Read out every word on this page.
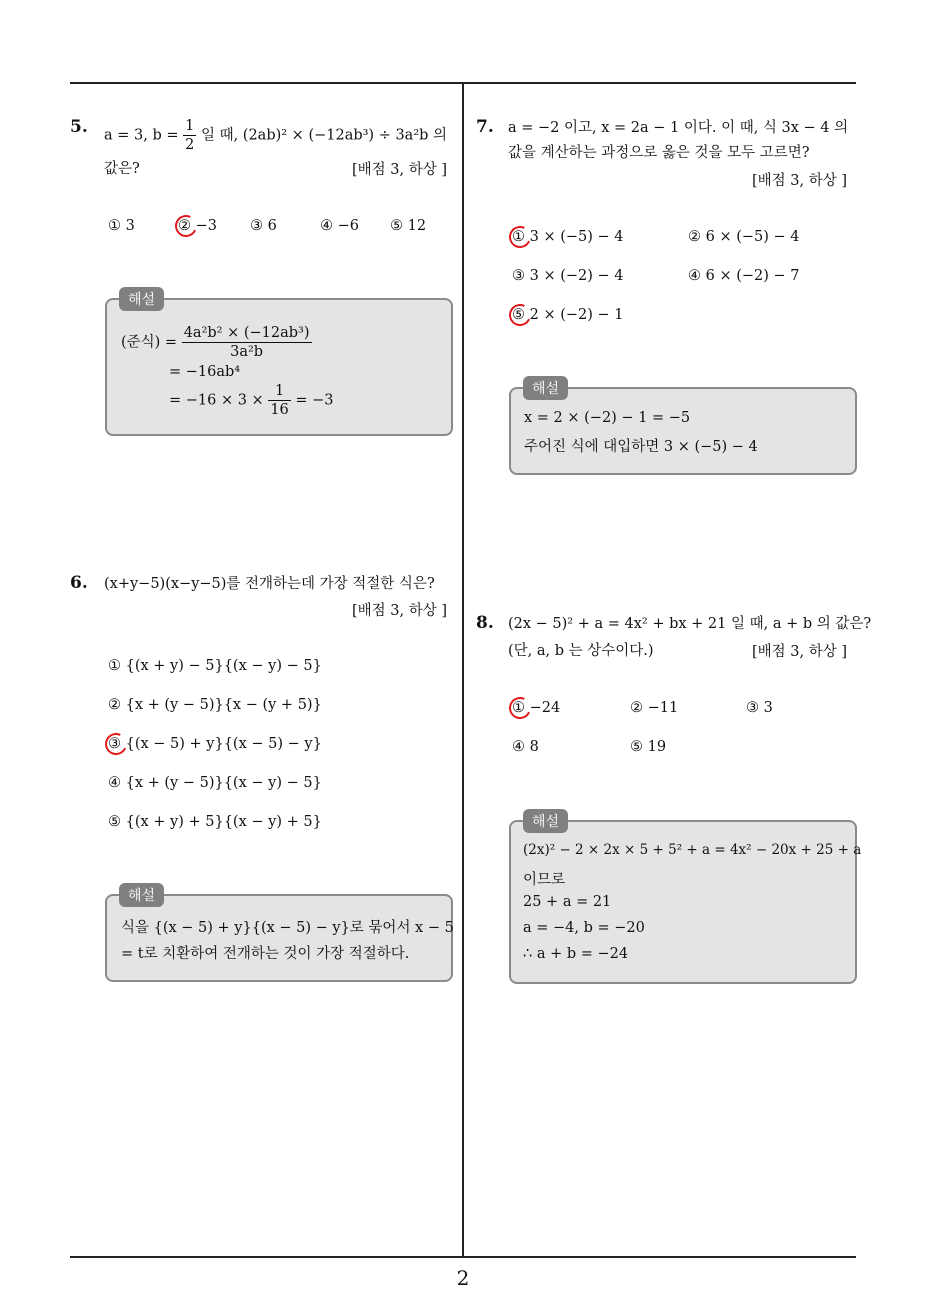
5. a = 3, $b = \frac{1}{2}$ 일 때, (2ab)² × (−12ab³) ÷ 3a²b 의
값은?	[배점 3, 하상 ]
① 3	② −3 ③ 6	④ −6 ⑤ 12
(준식) = $\frac{\text{4a²b² × (−12ab³)}}{\text{3a²b}}$
= −16ab⁴
= $-16 \times 3 \times \frac{1}{16} = -3$
해설
6. (x+y−5)(x−y−5)를 전개하는데 가장 적절한 식은?
[배점 3, 하상 ]
① {(x + y) − 5}{(x − y) − 5}
② {x + (y − 5)}{x − (y + 5)}
③ {(x − 5) + y}{(x − 5) − y}
④ {x + (y − 5)}{(x − y) − 5}
⑤ {(x + y) + 5}{(x − y) + 5}
식을 {(x − 5) + y}{(x − 5) − y}로 묶어서 x − 5
= t로 치환하여 전개하는 것이 가장 적절하다.
해설
7. a = −2 이고, x = 2a − 1 이다. 이 때, 식 3x − 4 의
값을 계산하는 과정으로 옳은 것을 모두 고르면?
[배점 3, 하상 ]
① 3 × (−5) − 4	② 6 × (−5) − 4
③ 3 × (−2) − 4	④ 6 × (−2) − 7
⑤ 2 × (−2) − 1
x = 2 × (−2) − 1 = −5
주어진 식에 대입하면 3 × (−5) − 4
해설
8. (2x − 5)² + a = 4x² + bx + 21 일 때, a + b 의 값은?
(단, a, b 는 상수이다.)	[배점 3, 하상 ]
① −24	② −11	③ 3
④ 8	⑤ 19
(2x)² − 2 × 2x × 5 + 5² + a = 4x² − 20x + 25 + a
이므로
25 + a = 21
a = −4, b = −20
∴ a + b = −24
해설
2
